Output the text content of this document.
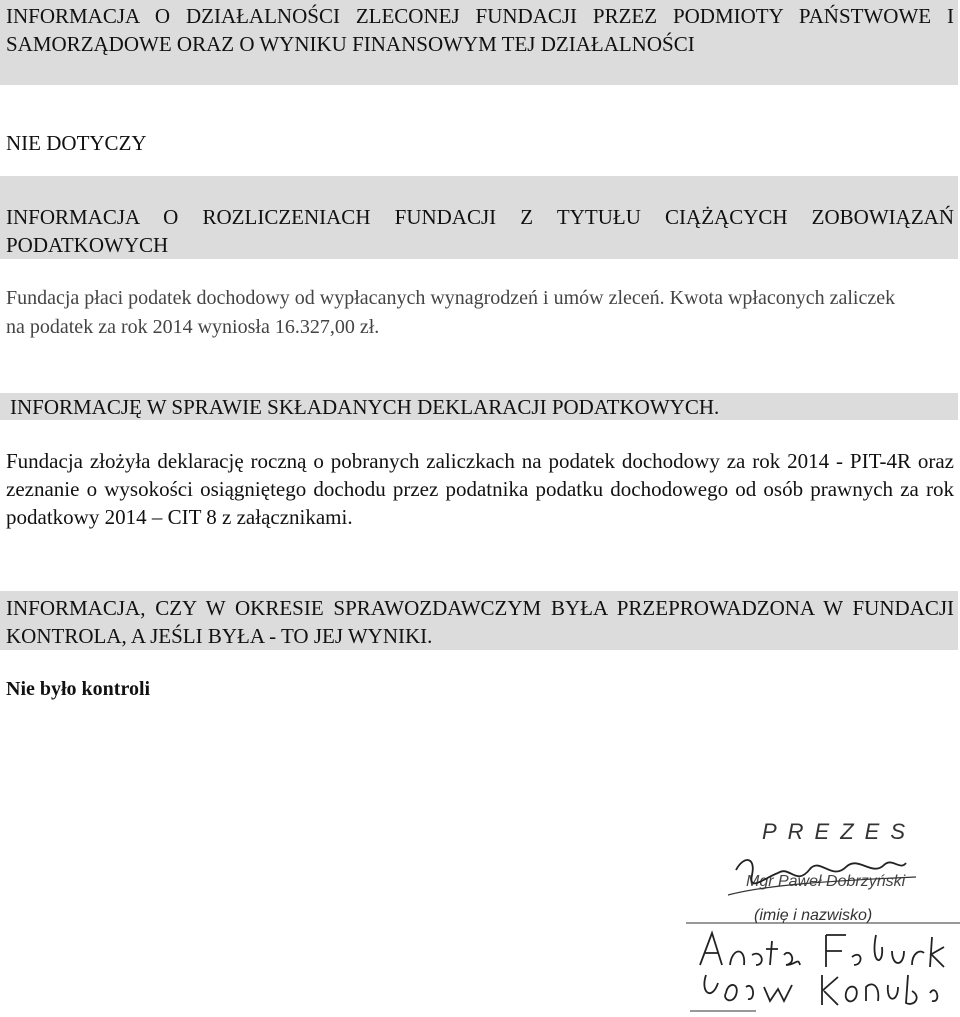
INFORMACJA O DZIAŁALNOŚCI ZLECONEJ FUNDACJI PRZEZ PODMIOTY PAŃSTWOWE I SAMORZĄDOWE ORAZ O WYNIKU FINANSOWYM TEJ DZIAŁALNOŚCI

NIE DOTYCZY

INFORMACJA O ROZLICZENIACH FUNDACJI Z TYTUŁU CIĄŻĄCYCH ZOBOWIĄZAŃ PODATKOWYCH

Fundacja płaci podatek dochodowy od wypłacanych wynagrodzeń i umów zleceń. Kwota wpłaconych zaliczek na podatek za rok 2014 wyniosła 16.327,00 zł.

INFORMACJĘ W SPRAWIE SKŁADANYCH DEKLARACJI PODATKOWYCH.

Fundacja złożyła deklarację roczną o pobranych zaliczkach na podatek dochodowy za rok 2014 - PIT-4R oraz zeznanie o wysokości osiągniętego dochodu przez podatnika podatku dochodowego od osób prawnych za rok podatkowy 2014 – CIT 8 z załącznikami.

INFORMACJA, CZY W OKRESIE SPRAWOZDAWCZYM BYŁA PRZEPROWADZONA W FUNDACJI KONTROLA, A JEŚLI BYŁA - TO JEJ WYNIKI.

Nie było kontroli

PREZES
Mgr Paweł Dobrzyński
(imię i nazwisko)
